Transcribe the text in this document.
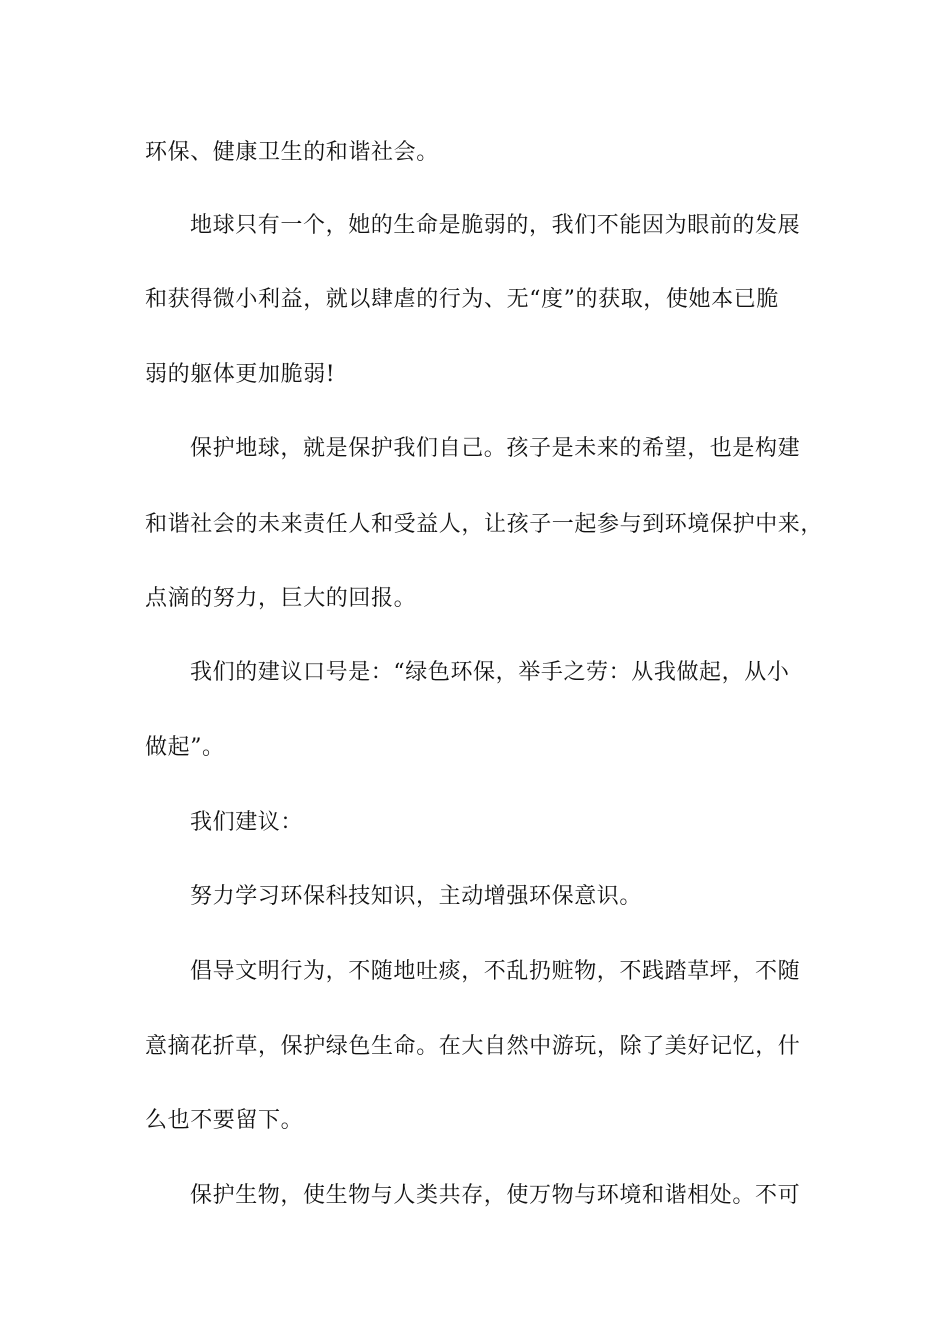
环保、健康卫生的和谐社会。

地球只有一个，她的生命是脆弱的，我们不能因为眼前的发展

和获得微小利益，就以肆虐的行为、无“度”的获取，使她本已脆

弱的躯体更加脆弱!

保护地球，就是保护我们自己。孩子是未来的希望，也是构建

和谐社会的未来责任人和受益人，让孩子一起参与到环境保护中来，

点滴的努力，巨大的回报。

我们的建议口号是：“绿色环保，举手之劳：从我做起，从小

做起”。

我们建议：

努力学习环保科技知识，主动增强环保意识。

倡导文明行为，不随地吐痰，不乱扔赃物，不践踏草坪，不随

意摘花折草，保护绿色生命。在大自然中游玩，除了美好记忆，什

么也不要留下。

保护生物，使生物与人类共存，使万物与环境和谐相处。不可
